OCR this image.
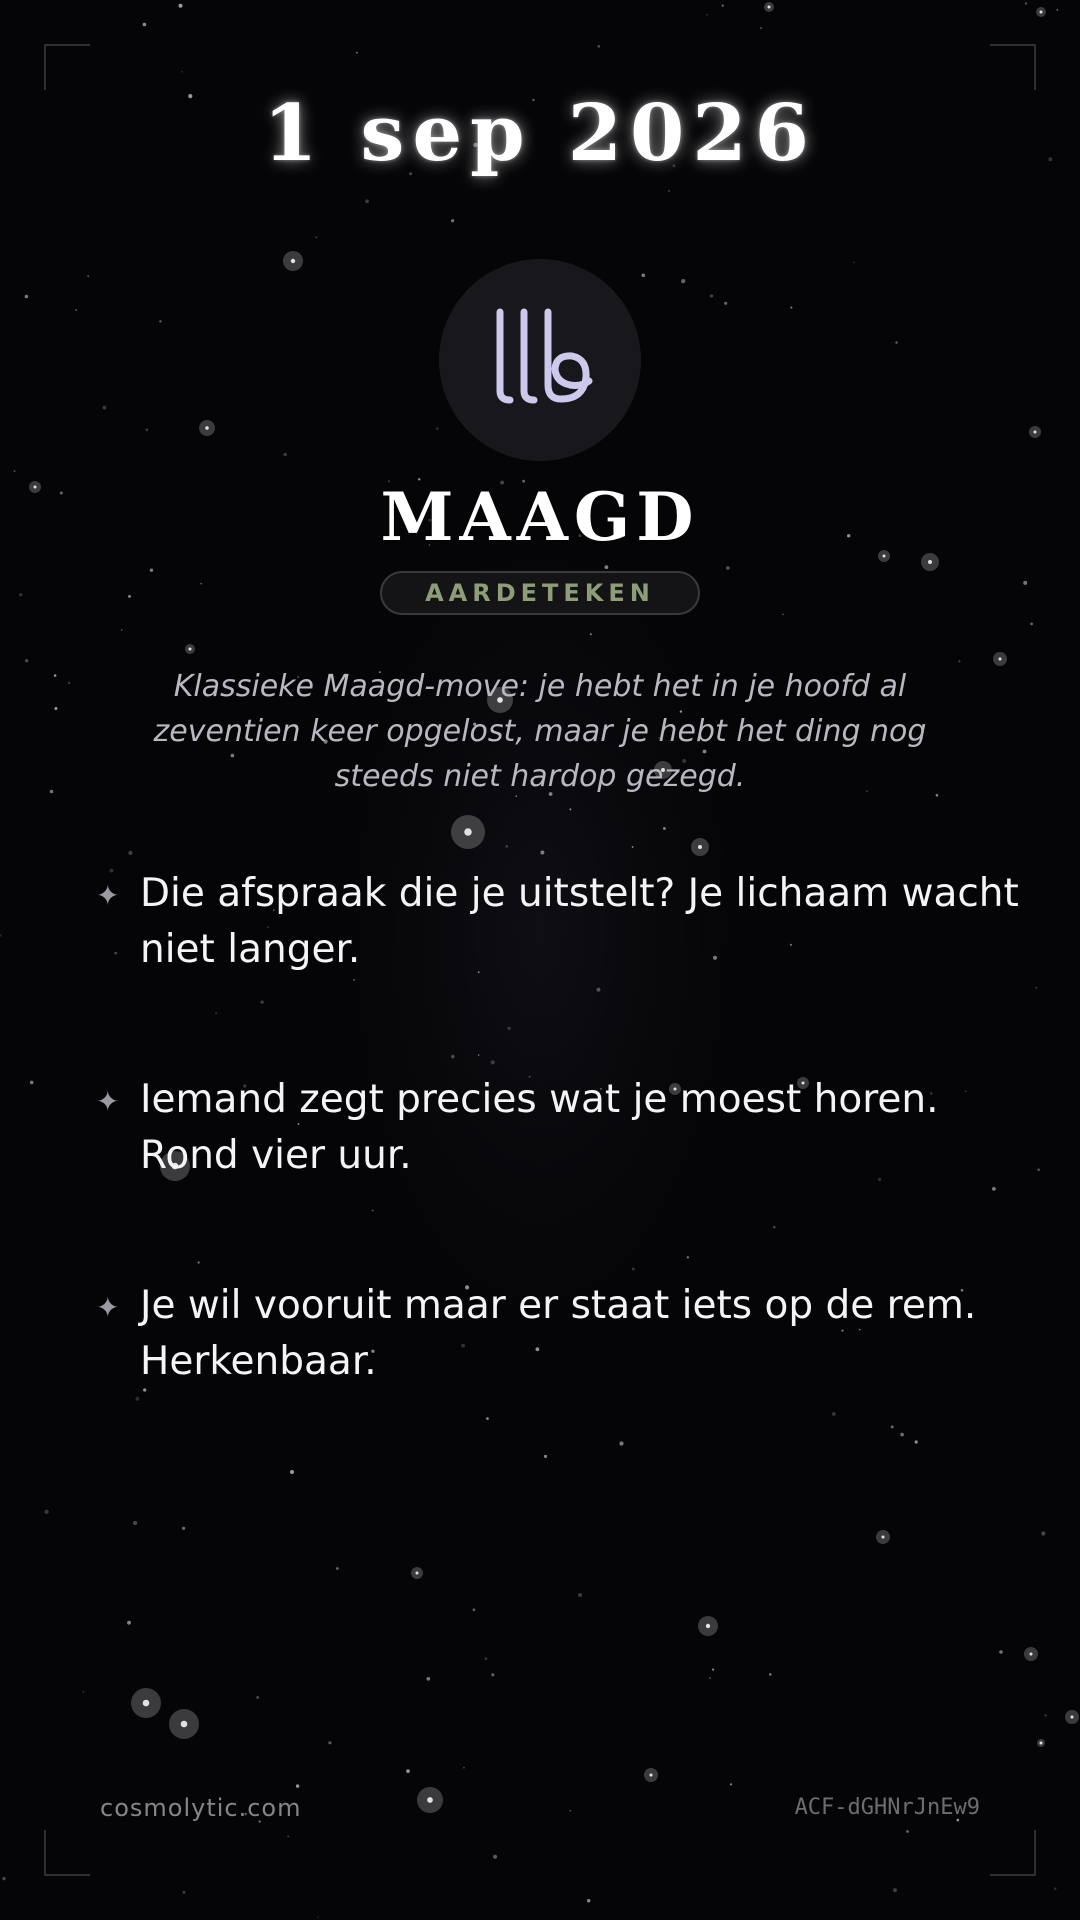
1 sep 2026
MAAGD
AARDETEKEN
Klassieke Maagd-move: je hebt het in je hoofd al zeventien keer opgelost, maar je hebt het ding nog steeds niet hardop gezegd.
✦ Die afspraak die je uitstelt? Je lichaam wacht niet langer.
✦ Iemand zegt precies wat je moest horen. Rond vier uur.
✦ Je wil vooruit maar er staat iets op de rem. Herkenbaar.
cosmolytic.com	ACF-dGHNrJnEw9
